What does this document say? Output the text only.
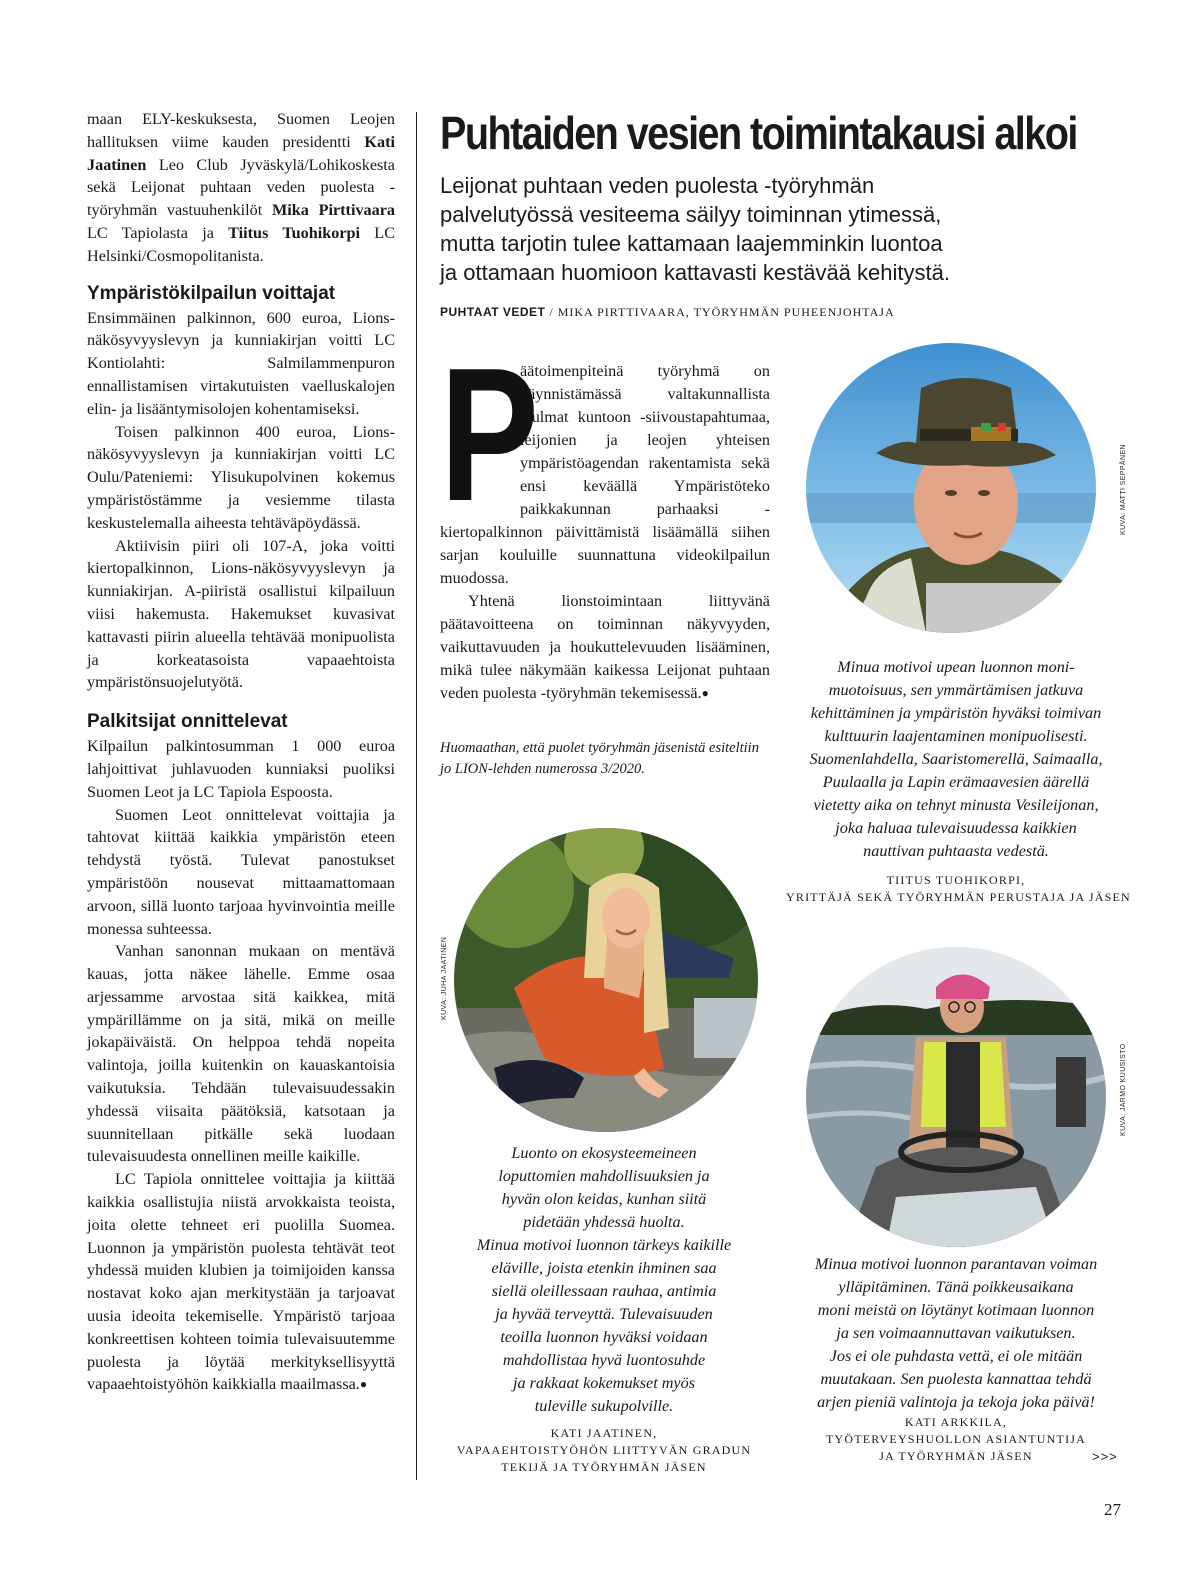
maan ELY-keskuksesta, Suomen Leojen hallituksen viime kauden presidentti Kati Jaatinen Leo Club Jyväskylä/Lohikoskesta sekä Leijonat puhtaan veden puolesta -työryhmän vastuuhenkilöt Mika Pirttivaara LC Tapiolasta ja Tiitus Tuohikorpi LC Helsinki/Cosmopolitanista.

Ympäristökilpailun voittajat

Ensimmäinen palkinnon, 600 euroa, Lions-näkösyvyyslevyn ja kunniakirjan voitti LC Kontiolahti: Salmilammenpuron ennallistamisen virtakutuisten vaelluskalojen elin- ja lisääntymisolojen kohentamiseksi.

Toisen palkinnon 400 euroa, Lions-näkösyvyyslevyn ja kunniakirjan voitti LC Oulu/Pateniemi: Ylisukupolvinen kokemus ympäristöstämme ja vesiemme tilasta keskustelemalla aiheesta tehtäväpöydässä.

Aktiivisin piiri oli 107-A, joka voitti kiertopalkinnon, Lions-näkösyvyyslevyn ja kunniakirjan. A-piiristä osallistui kilpailuun viisi hakemusta. Hakemukset kuvasivat kattavasti piirin alueella tehtävää monipuolista ja korkeatasoista vapaaehtoista ympäristönsuojelutyötä.

Palkitsijat onnittelevat

Kilpailun palkintosumman 1 000 euroa lahjoittivat juhlavuoden kunniaksi puoliksi Suomen Leot ja LC Tapiola Espoosta.

Suomen Leot onnittelevat voittajia ja tahtovat kiittää kaikkia ympäristön eteen tehdystä työstä. Tulevat panostukset ympäristöön nousevat mittaamattomaan arvoon, sillä luonto tarjoaa hyvinvointia meille monessa suhteessa.

Vanhan sanonnan mukaan on mentävä kauas, jotta näkee lähelle. Emme osaa arjessamme arvostaa sitä kaikkea, mitä ympärillämme on ja sitä, mikä on meille jokapäiväistä. On helppoa tehdä nopeita valintoja, joilla kuitenkin on kauaskantoisia vaikutuksia. Tehdään tulevaisuudessakin yhdessä viisaita päätöksiä, katsotaan ja suunnitellaan pitkälle sekä luodaan tulevaisuudesta onnellinen meille kaikille.

LC Tapiola onnittelee voittajia ja kiittää kaikkia osallistujia niistä arvokkaista teoista, joita olette tehneet eri puolilla Suomea. Luonnon ja ympäristön puolesta tehtävät teot yhdessä muiden klubien ja toimijoiden kanssa nostavat koko ajan merkitystään ja tarjoavat uusia ideoita tekemiselle. Ympäristö tarjoaa konkreettisen kohteen toimia tulevaisuutemme puolesta ja löytää merkityksellisyyttä vapaaehtoistyöhön kaikkialla maailmassa.●

Puhtaiden vesien toimintakausi alkoi
Leijonat puhtaan veden puolesta -työryhmän
palvelutyössä vesiteema säilyy toiminnan ytimessä,
mutta tarjotin tulee kattamaan laajemminkin luontoa
ja ottamaan huomioon kattavasti kestävää kehitystä.
PUHTAAT VEDET / MIKA PIRTTIVAARA, TYÖRYHMÄN PUHEENJOHTAJA
P

äätoimenpiteinä työryhmä on käynnistämässä valtakunnallista Kulmat kuntoon -siivoustapahtumaa, leijonien ja leojen yhteisen ympäristöagendan rakentamista sekä ensi keväällä Ympäristöteko paikkakunnan parhaaksi -kiertopalkinnon päivittämistä lisäämällä siihen sarjan kouluille suunnattuna videokilpailun muodossa.

Yhtenä lionstoimintaan liittyvänä päätavoitteena on toiminnan näkyvyyden, vaikuttavuuden ja houkuttelevuuden lisääminen, mikä tulee näkymään kaikessa Leijonat puhtaan veden puolesta -työryhmän tekemisessä.●

Huomaathan, että puolet työryhmän jäsenistä esiteltiin jo LION-lehden numerossa 3/2020.
KUVA: MATTI SEPPÄNEN
Minua motivoi upean luonnon moni-
muotoisuus, sen ymmärtämisen jatkuva
kehittäminen ja ympäristön hyväksi toimivan
kulttuurin laajentaminen monipuolisesti.
Suomenlahdella, Saaristomerellä, Saimaalla,
Puulaalla ja Lapin erämaavesien äärellä
vietetty aika on tehnyt minusta Vesileijonan,
joka haluaa tulevaisuudessa kaikkien
nauttivan puhtaasta vedestä.
TIITUS TUOHIKORPI,
YRITTÄJÄ SEKÄ TYÖRYHMÄN PERUSTAJA JA JÄSEN
KUVA: JUHA JAATINEN
Luonto on ekosysteemeineen
loputtomien mahdollisuuksien ja
hyvän olon keidas, kunhan siitä
pidetään yhdessä huolta.
Minua motivoi luonnon tärkeys kaikille
eläville, joista etenkin ihminen saa
siellä oleillessaan rauhaa, antimia
ja hyvää terveyttä. Tulevaisuuden
teoilla luonnon hyväksi voidaan
mahdollistaa hyvä luontosuhde
ja rakkaat kokemukset myös
tuleville sukupolville.
KATI JAATINEN,
VAPAAEHTOISTYÖHÖN LIITTYVÄN GRADUN
TEKIJÄ JA TYÖRYHMÄN JÄSEN
KUVA: JARMO KUUSISTO
Minua motivoi luonnon parantavan voiman
ylläpitäminen. Tänä poikkeusaikana
moni meistä on löytänyt kotimaan luonnon
ja sen voimaannuttavan vaikutuksen.
Jos ei ole puhdasta vettä, ei ole mitään
muutakaan. Sen puolesta kannattaa tehdä
arjen pieniä valintoja ja tekoja joka päivä!
KATI ARKKILA,
TYÖTERVEYSHUOLLON ASIANTUNTIJA
JA TYÖRYHMÄN JÄSEN	>>>
27
